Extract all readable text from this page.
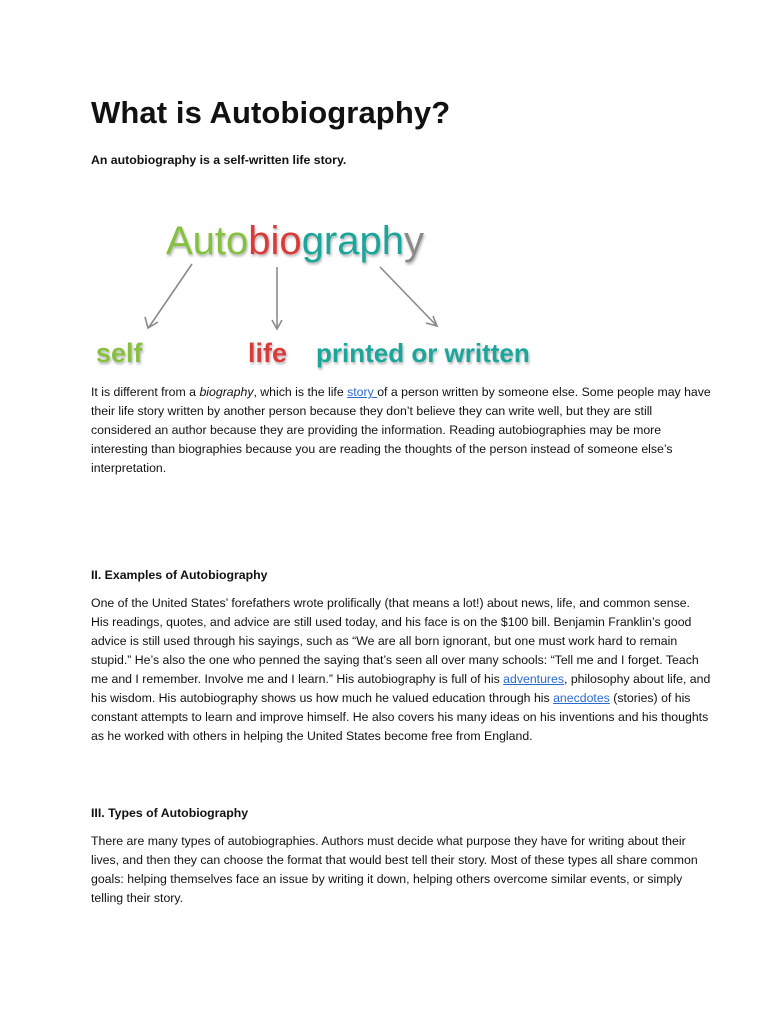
What is Autobiography?

An autobiography is a self-written life story.

Autobiography
self	life printed or written

It is different from a biography, which is the life story of a person written by someone else. Some people may have their life story written by another person because they don’t believe they can write well, but they are still considered an author because they are providing the information. Reading autobiographies may be more interesting than biographies because you are reading the thoughts of the person instead of someone else’s interpretation.

II. Examples of Autobiography

One of the United States’ forefathers wrote prolifically (that means a lot!) about news, life, and common sense. His readings, quotes, and advice are still used today, and his face is on the $100 bill. Benjamin Franklin’s good advice is still used through his sayings, such as “We are all born ignorant, but one must work hard to remain stupid.” He’s also the one who penned the saying that’s seen all over many schools: “Tell me and I forget. Teach me and I remember. Involve me and I learn.” His autobiography is full of his adventures, philosophy about life, and his wisdom. His autobiography shows us how much he valued education through his anecdotes (stories) of his constant attempts to learn and improve himself. He also covers his many ideas on his inventions and his thoughts as he worked with others in helping the United States become free from England.

III. Types of Autobiography

There are many types of autobiographies. Authors must decide what purpose they have for writing about their lives, and then they can choose the format that would best tell their story. Most of these types all share common goals: helping themselves face an issue by writing it down, helping others overcome similar events, or simply telling their story.
